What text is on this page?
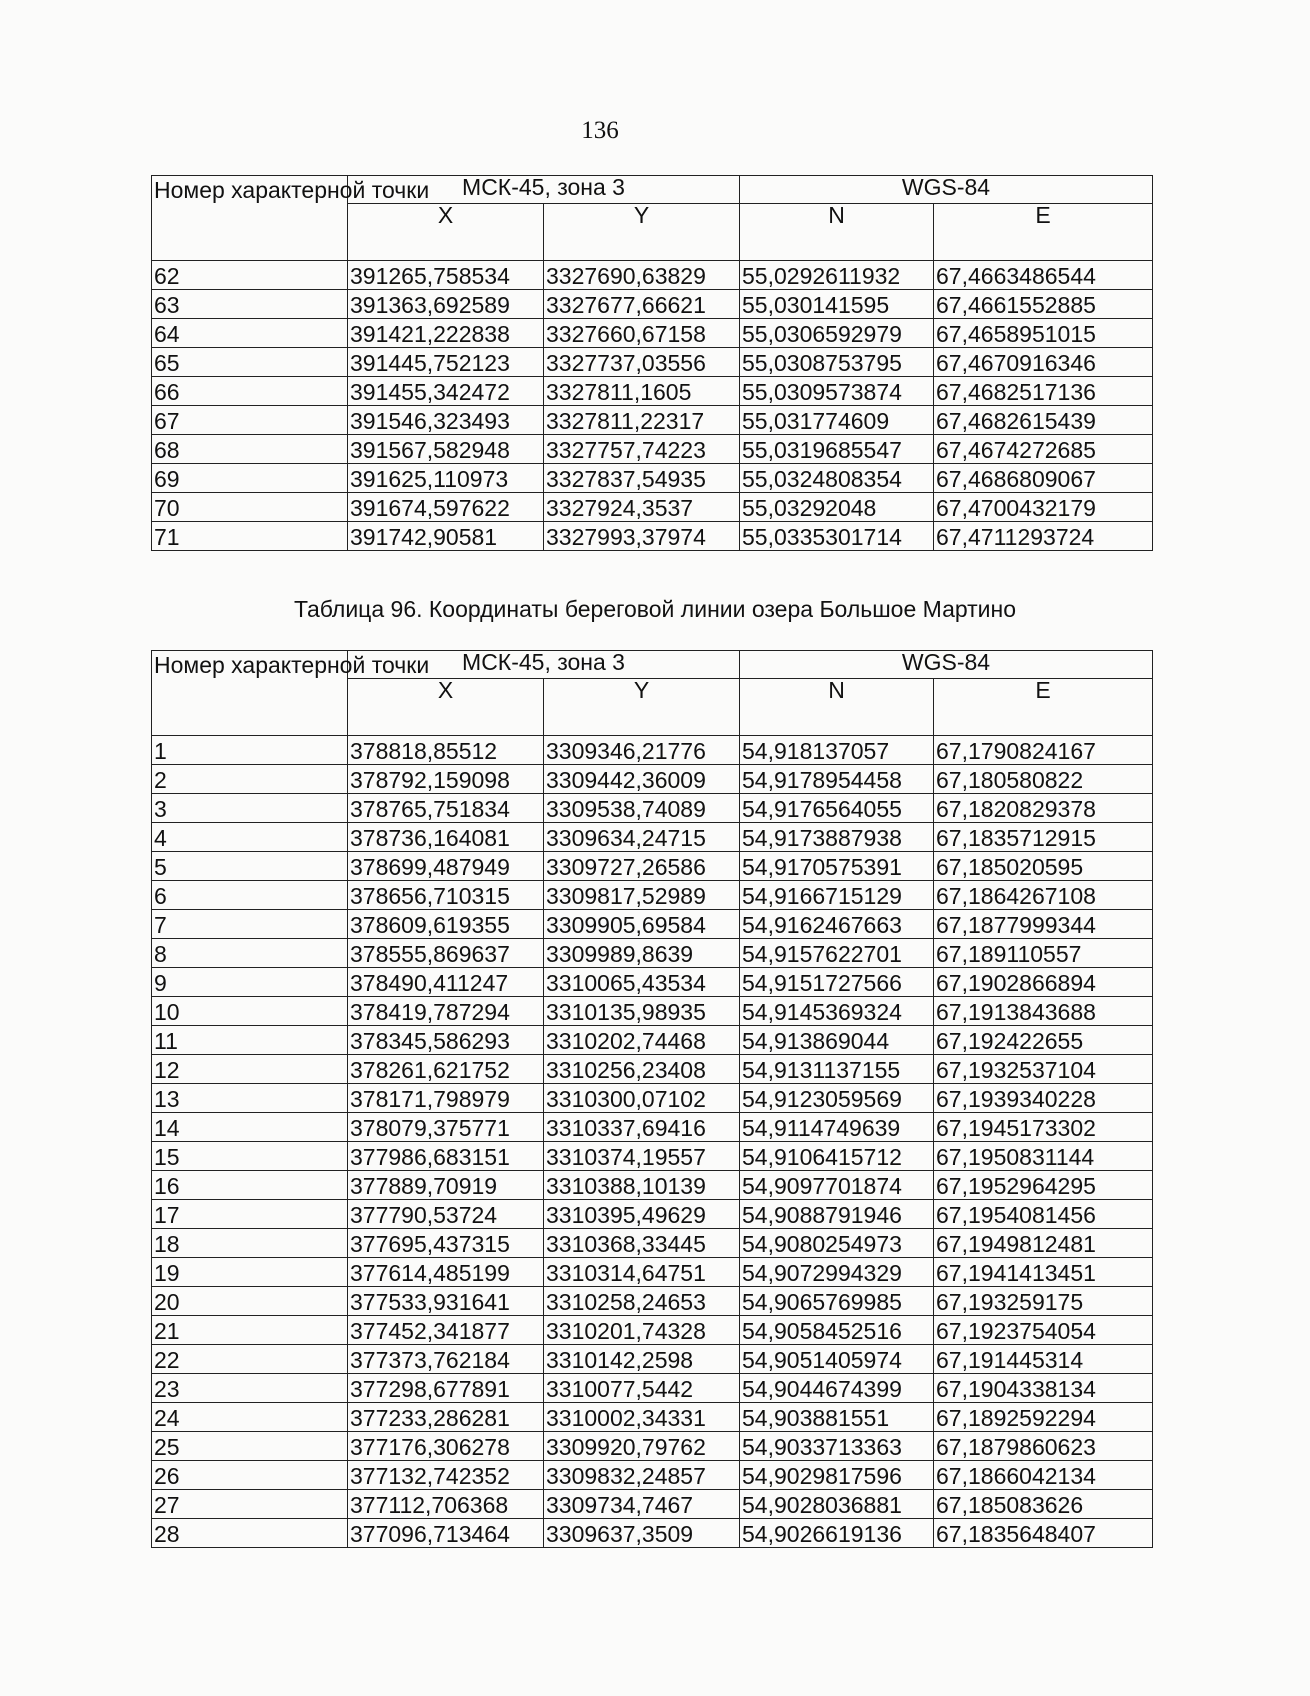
136
Номер характерной точки	МСК-45, зона 3		WGS-84	
	X	Y	N	E
62	391265,758534	3327690,63829	55,0292611932	67,4663486544
63	391363,692589	3327677,66621	55,030141595	67,4661552885
64	391421,222838	3327660,67158	55,0306592979	67,4658951015
65	391445,752123	3327737,03556	55,0308753795	67,4670916346
66	391455,342472	3327811,1605	55,0309573874	67,4682517136
67	391546,323493	3327811,22317	55,031774609	67,4682615439
68	391567,582948	3327757,74223	55,0319685547	67,4674272685
69	391625,110973	3327837,54935	55,0324808354	67,4686809067
70	391674,597622	3327924,3537	55,03292048	67,4700432179
71	391742,90581	3327993,37974	55,0335301714	67,4711293724
Таблица 96. Координаты береговой линии озера Большое Мартино
Номер характерной точки	МСК-45, зона 3		WGS-84	
	X	Y	N	E
1	378818,85512	3309346,21776	54,918137057	67,1790824167
2	378792,159098	3309442,36009	54,9178954458	67,180580822
3	378765,751834	3309538,74089	54,9176564055	67,1820829378
4	378736,164081	3309634,24715	54,9173887938	67,1835712915
5	378699,487949	3309727,26586	54,9170575391	67,185020595
6	378656,710315	3309817,52989	54,9166715129	67,1864267108
7	378609,619355	3309905,69584	54,9162467663	67,1877999344
8	378555,869637	3309989,8639	54,9157622701	67,189110557
9	378490,411247	3310065,43534	54,9151727566	67,1902866894
10	378419,787294	3310135,98935	54,9145369324	67,1913843688
11	378345,586293	3310202,74468	54,913869044	67,192422655
12	378261,621752	3310256,23408	54,9131137155	67,1932537104
13	378171,798979	3310300,07102	54,9123059569	67,1939340228
14	378079,375771	3310337,69416	54,9114749639	67,1945173302
15	377986,683151	3310374,19557	54,9106415712	67,1950831144
16	377889,70919	3310388,10139	54,9097701874	67,1952964295
17	377790,53724	3310395,49629	54,9088791946	67,1954081456
18	377695,437315	3310368,33445	54,9080254973	67,1949812481
19	377614,485199	3310314,64751	54,9072994329	67,1941413451
20	377533,931641	3310258,24653	54,9065769985	67,193259175
21	377452,341877	3310201,74328	54,9058452516	67,1923754054
22	377373,762184	3310142,2598	54,9051405974	67,191445314
23	377298,677891	3310077,5442	54,9044674399	67,1904338134
24	377233,286281	3310002,34331	54,903881551	67,1892592294
25	377176,306278	3309920,79762	54,9033713363	67,1879860623
26	377132,742352	3309832,24857	54,9029817596	67,1866042134
27	377112,706368	3309734,7467	54,9028036881	67,185083626
28	377096,713464	3309637,3509	54,9026619136	67,1835648407
